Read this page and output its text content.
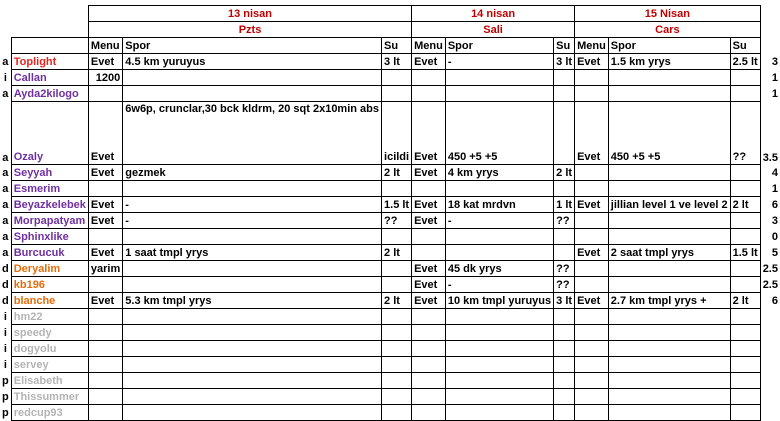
		13 nisan			14 nisan			15 Nisan			
		Pzts			Sali			Cars			
		Menu	Spor	Su	Menu	Spor	Su	Menu	Spor	Su	
a	Toplight	Evet	4.5 km yuruyus	3 lt	Evet	-	3 lt	Evet	1.5 km yrys	2.5 lt	3
i	Callan	1200									1
a	Ayda2kilogo										1
a	Ozaly	Evet	6w6p, crunclar,30 bck kldrm, 20 sqt 2x10min abs	icildi	Evet	450 +5 +5		Evet	450 +5 +5	??	3.5
a	Seyyah	Evet	gezmek	2 lt	Evet	4 km yrys	2 lt				4
a	Esmerim										1
a	Beyazkelebek	Evet	-	1.5 lt	Evet	18 kat mrdvn	1 lt	Evet	jillian level 1 ve level 2	2 lt	6
a	Morpapatyam	Evet	-	??	Evet	-	??				3
a	Sphinxlike										0
a	Burcucuk	Evet	1 saat tmpl yrys	2 lt				Evet	2 saat tmpl yrys	1.5 lt	5
d	Deryalim	yarim			Evet	45 dk yrys	??				2.5
d	kb196				Evet	-	??				2.5
d	blanche	Evet	5.3 km tmpl yrys	2 lt	Evet	10 km tmpl yuruyus	3 lt	Evet	2.7 km tmpl yrys +	2 lt	6
i	hm22										
i	speedy										
i	dogyolu										
i	servey										
p	Elisabeth										
p	Thissummer										
p	redcup93										
